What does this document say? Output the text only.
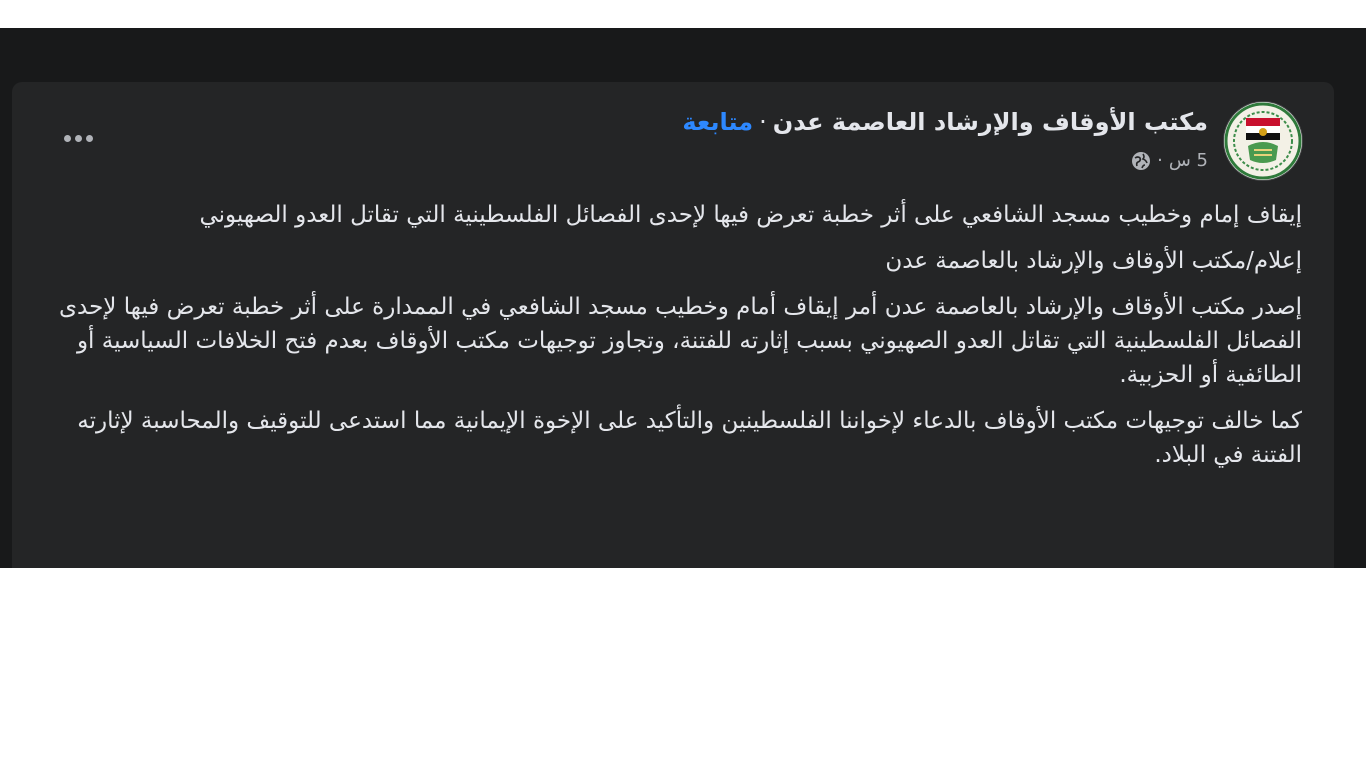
مكتب الأوقاف والإرشاد العاصمة عدن·متابعة
5 س
·

إيقاف إمام وخطيب مسجد الشافعي على أثر خطبة تعرض فيها لإحدى الفصائل الفلسطينية التي تقاتل العدو الصهيوني

إعلام/مكتب الأوقاف والإرشاد بالعاصمة عدن

إصدر مكتب الأوقاف والإرشاد بالعاصمة عدن أمر إيقاف أمام وخطيب مسجد الشافعي في الممدارة على أثر خطبة تعرض فيها لإحدى الفصائل الفلسطينية التي تقاتل العدو الصهيوني بسبب إثارته للفتنة، وتجاوز توجيهات مكتب الأوقاف بعدم فتح الخلافات السياسية أو الطائفية أو الحزبية.

كما خالف توجيهات مكتب الأوقاف بالدعاء لإخواننا الفلسطينين والتأكيد على الإخوة الإيمانية مما استدعى للتوقيف والمحاسبة لإثارته الفتنة في البلاد.
